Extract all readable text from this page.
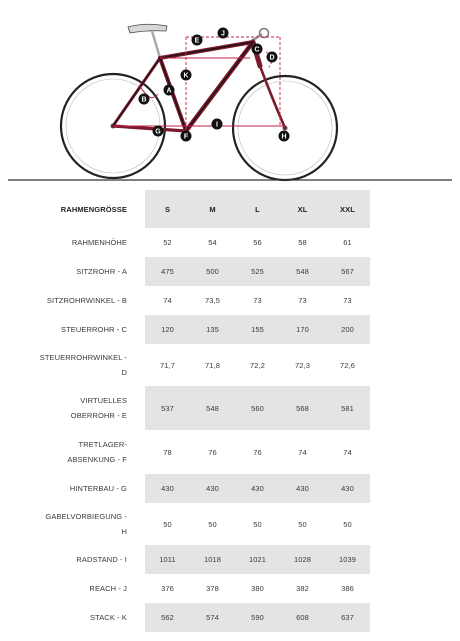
J
E
C
D
K
A
B
I
G
F	H
RAHMENGRÖSSE	S	M	L	XL	XXL

RAHMENHÖHE	52	54	56	58	61

SITZROHR - A	475	500	525	548	567

SITZROHRWINKEL - B	74	73,5	73	73	73

STEUERROHR - C	120	135	155	170	200

STEUERROHRWINKEL -
D	71,7	71,8	72,2	72,3	72,6

VIRTUELLES
OBERROHR - E	537	548	560	568	581

TRETLAGER-
ABSENKUNG - F	78	76	76	74	74

HINTERBAU - G	430	430	430	430	430

GABELVORBIEGUNG -
H	50	50	50	50	50

RADSTAND - I	1011	1018	1021	1028	1039

REACH - J	376	378	380	382	386

STACK - K	562	574	590	608	637
